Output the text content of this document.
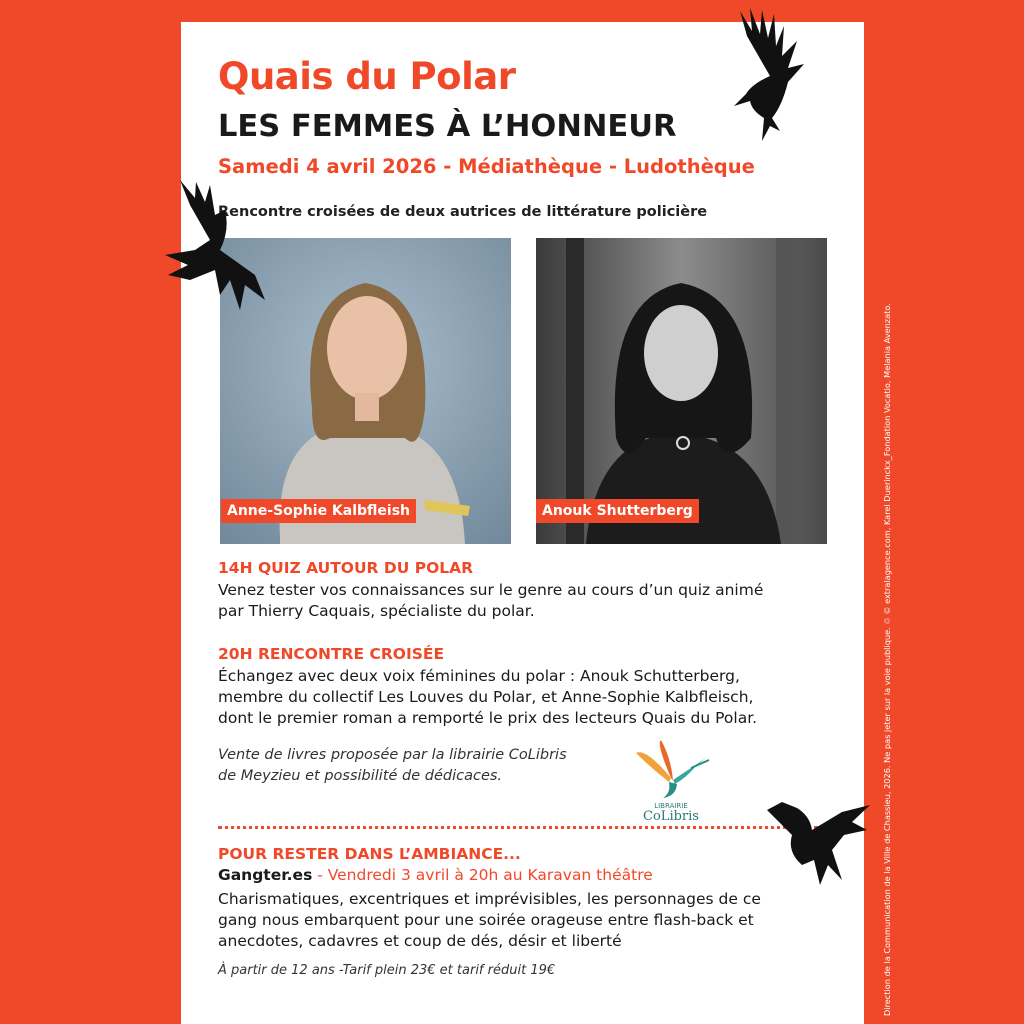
Quais du Polar
LES FEMMES À L’HONNEUR
Samedi 4 avril 2026 - Médiathèque - Ludothèque
Rencontre croisées de deux autrices de littérature policière
Anne-Sophie Kalbfleish	Anouk Shutterberg
14H QUIZ AUTOUR DU POLAR
Venez tester vos connaissances sur le genre au cours d’un quiz animé
par Thierry Caquais, spécialiste du polar.
20H RENCONTRE CROISÉE
Échangez avec deux voix féminines du polar : Anouk Schutterberg,
membre du collectif Les Louves du Polar, et Anne-Sophie Kalbfleisch,
dont le premier roman a remporté le prix des lecteurs Quais du Polar.
Vente de livres proposée par la librairie CoLibris
de Meyzieu et possibilité de dédicaces.
LIBRAIRIE
CoLibris
POUR RESTER DANS L’AMBIANCE...
Gangter.es - Vendredi 3 avril à 20h au Karavan théâtre
Charismatiques, excentriques et imprévisibles, les personnages de ce
gang nous embarquent pour une soirée orageuse entre flash-back et
anecdotes, cadavres et coup de dés, désir et liberté
À partir de 12 ans -Tarif plein 23€ et tarif réduit 19€	Direction de la Communication de la Ville de Chassieu, 2026. Ne pas jeter sur la voie publique. ♲ © extralagence.com, Karel Duerinckx_Fondation Vocatio, Melania Avenzato.
